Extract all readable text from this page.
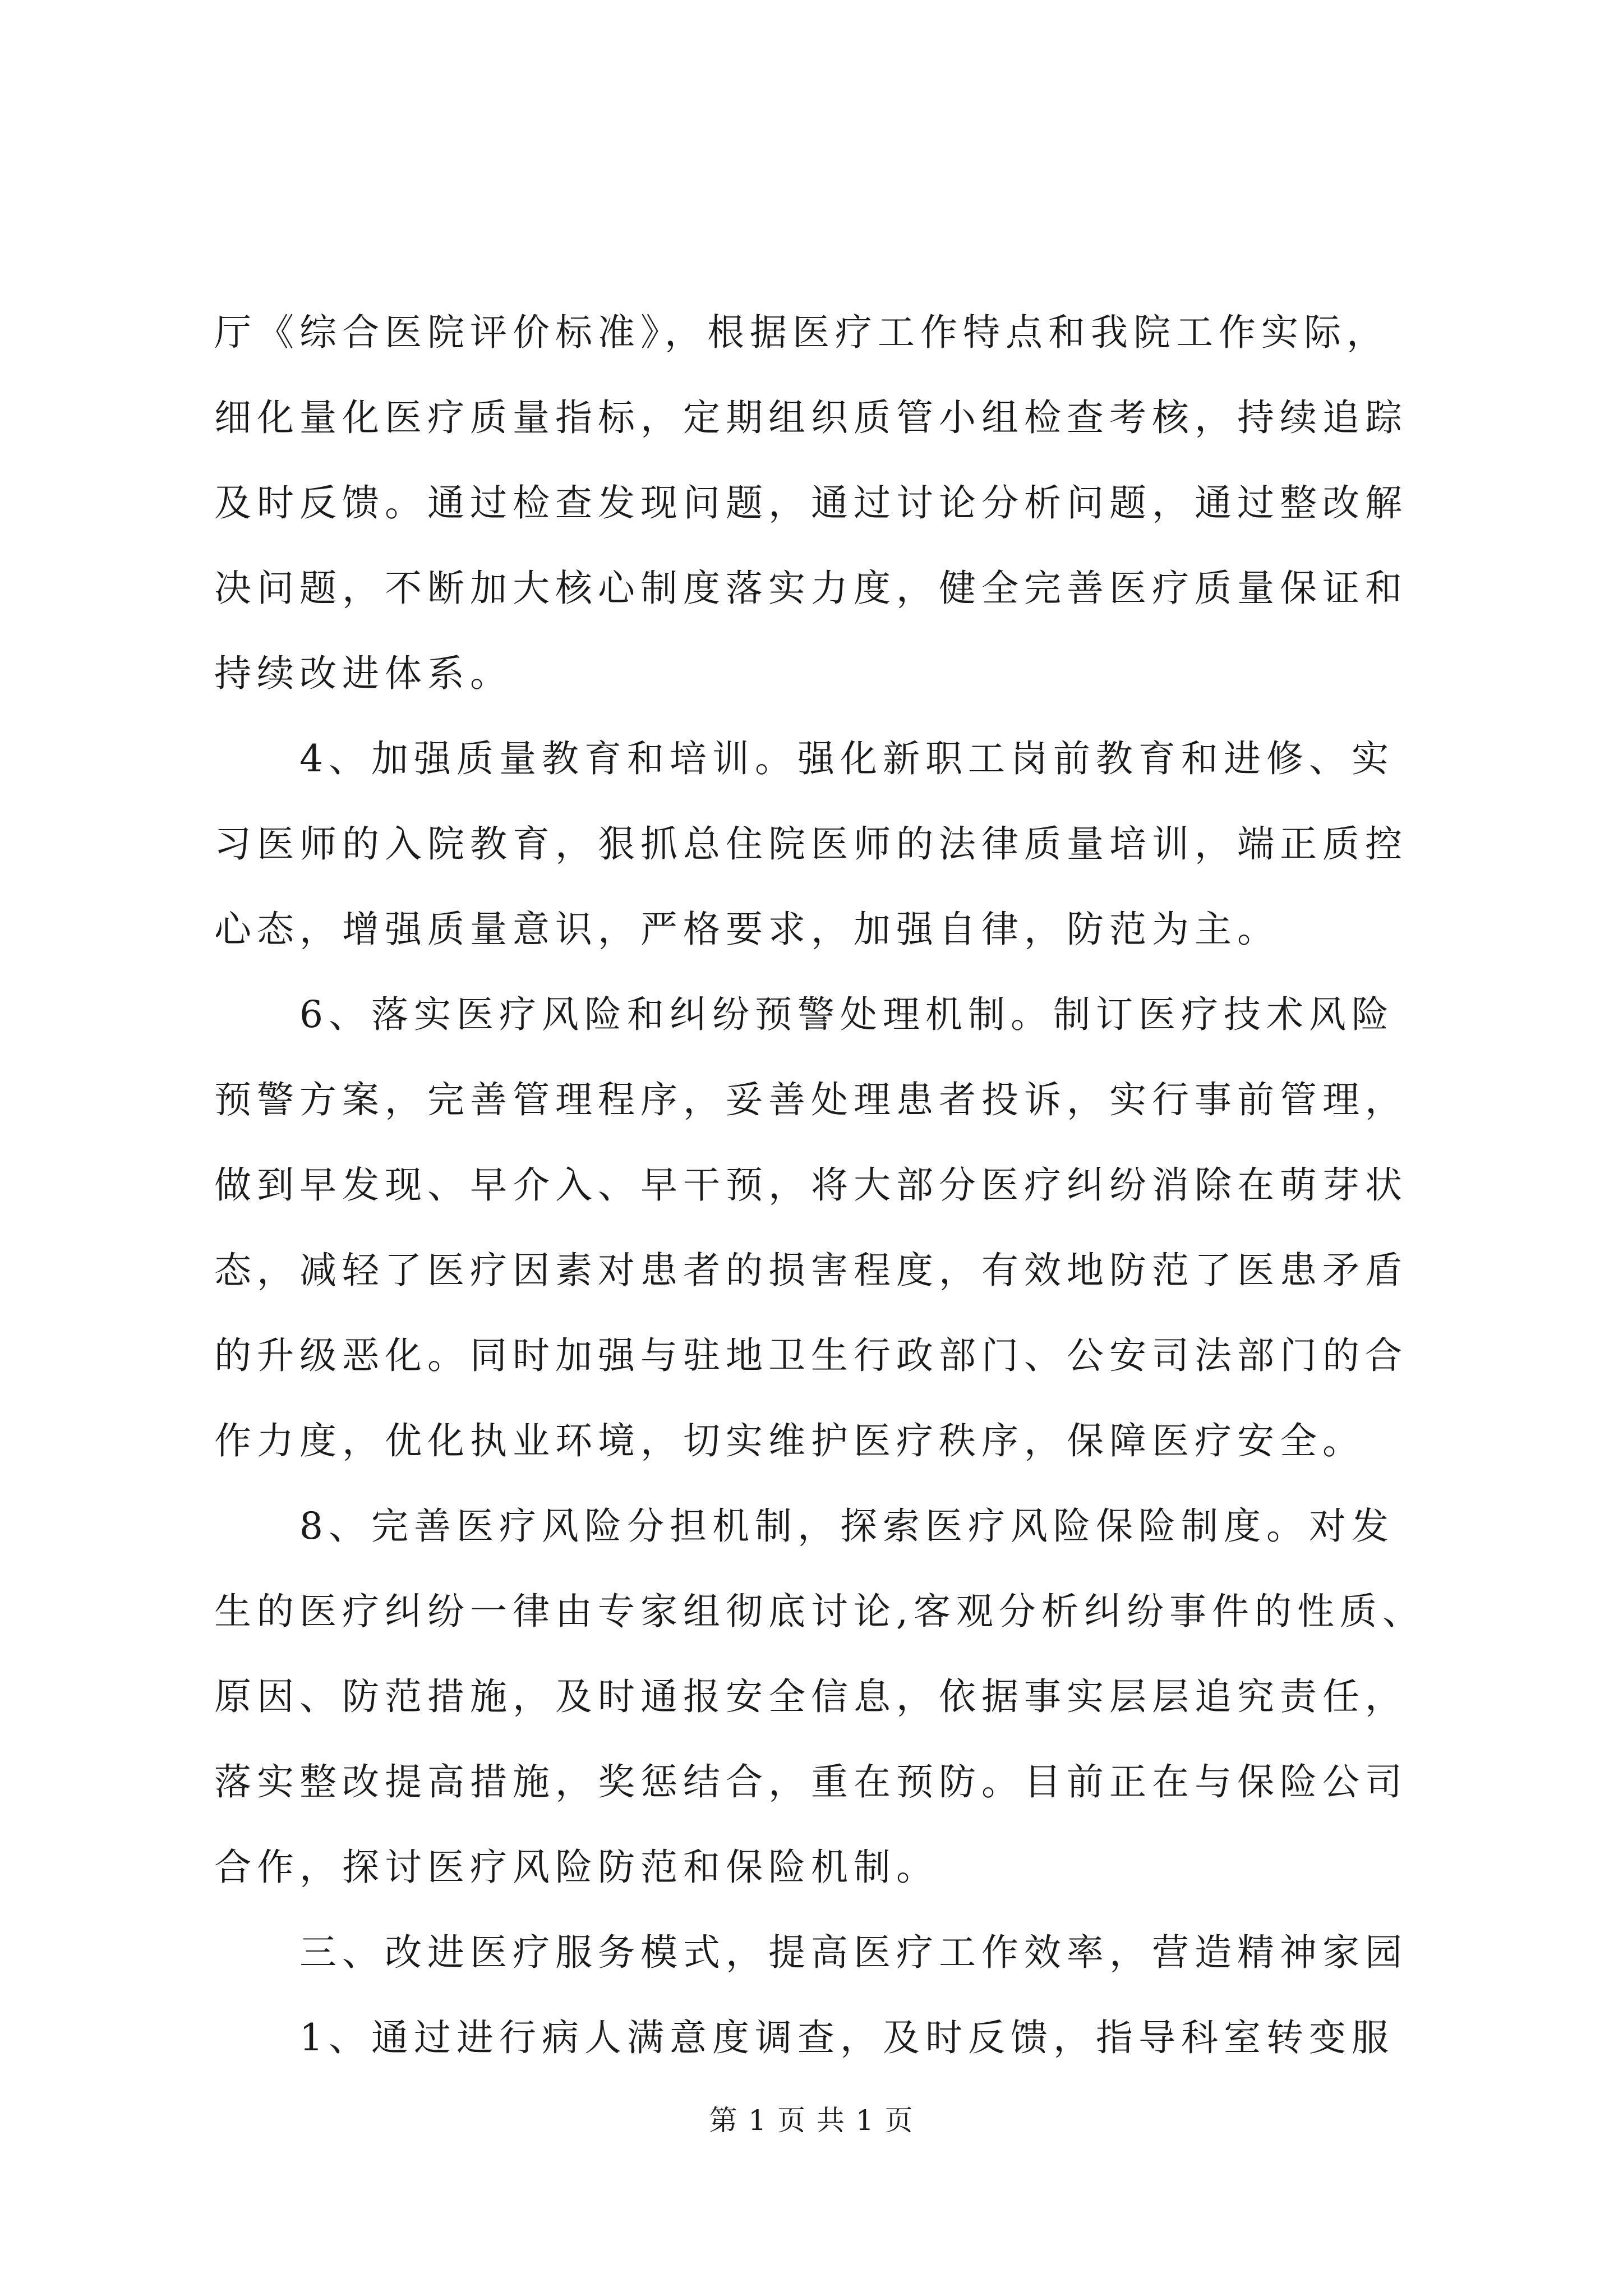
厅《综合医院评价标准》，根据医疗工作特点和我院工作实际，
细化量化医疗质量指标，定期组织质管小组检查考核，持续追踪
及时反馈。通过检查发现问题，通过讨论分析问题，通过整改解
决问题，不断加大核心制度落实力度，健全完善医疗质量保证和
持续改进体系。
4、加强质量教育和培训。强化新职工岗前教育和进修、实
习医师的入院教育，狠抓总住院医师的法律质量培训，端正质控
心态，增强质量意识，严格要求，加强自律，防范为主。
6、落实医疗风险和纠纷预警处理机制。制订医疗技术风险
预警方案，完善管理程序，妥善处理患者投诉，实行事前管理，
做到早发现、早介入、早干预，将大部分医疗纠纷消除在萌芽状
态，减轻了医疗因素对患者的损害程度，有效地防范了医患矛盾
的升级恶化。同时加强与驻地卫生行政部门、公安司法部门的合
作力度，优化执业环境，切实维护医疗秩序，保障医疗安全。
8、完善医疗风险分担机制，探索医疗风险保险制度。对发
生的医疗纠纷一律由专家组彻底讨论,客观分析纠纷事件的性质、
原因、防范措施，及时通报安全信息，依据事实层层追究责任，
落实整改提高措施，奖惩结合，重在预防。目前正在与保险公司
合作，探讨医疗风险防范和保险机制。
三、改进医疗服务模式，提高医疗工作效率，营造精神家园
1、通过进行病人满意度调查，及时反馈，指导科室转变服
第 1 页 共 1 页
